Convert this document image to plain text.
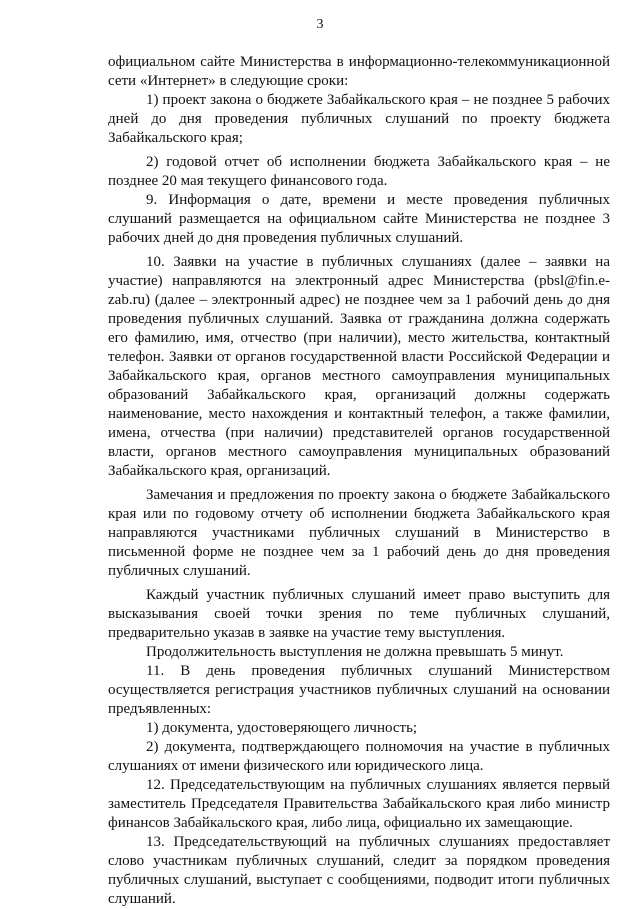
3

официальном сайте Министерства в информационно-телекоммуникационной сети «Интернет» в следующие сроки:

1) проект закона о бюджете Забайкальского края – не позднее 5 рабочих дней до дня проведения публичных слушаний по проекту бюджета Забайкальского края;

2) годовой отчет об исполнении бюджета Забайкальского края – не позднее 20 мая текущего финансового года.

9. Информация о дате, времени и месте проведения публичных слушаний размещается на официальном сайте Министерства не позднее 3 рабочих дней до дня проведения публичных слушаний.

10. Заявки на участие в публичных слушаниях (далее – заявки на участие) направляются на электронный адрес Министерства (pbsl@fin.e-zab.ru) (далее – электронный адрес) не позднее чем за 1 рабочий день до дня проведения публичных слушаний. Заявка от гражданина должна содержать его фамилию, имя, отчество (при наличии), место жительства, контактный телефон. Заявки от органов государственной власти Российской Федерации и Забайкальского края, органов местного самоуправления муниципальных образований Забайкальского края, организаций должны содержать наименование, место нахождения и контактный телефон, а также фамилии, имена, отчества (при наличии) представителей органов государственной власти, органов местного самоуправления муниципальных образований Забайкальского края, организаций.

Замечания и предложения по проекту закона о бюджете Забайкальского края или по годовому отчету об исполнении бюджета Забайкальского края направляются участниками публичных слушаний в Министерство в письменной форме не позднее чем за 1 рабочий день до дня проведения публичных слушаний.

Каждый участник публичных слушаний имеет право выступить для высказывания своей точки зрения по теме публичных слушаний, предварительно указав в заявке на участие тему выступления.

Продолжительность выступления не должна превышать 5 минут.

11. В день проведения публичных слушаний Министерством осуществляется регистрация участников публичных слушаний на основании предъявленных:

1) документа, удостоверяющего личность;

2) документа, подтверждающего полномочия на участие в публичных слушаниях от имени физического или юридического лица.

12. Председательствующим на публичных слушаниях является первый заместитель Председателя Правительства Забайкальского края либо министр финансов Забайкальского края, либо лица, официально их замещающие.

13. Председательствующий на публичных слушаниях предоставляет слово участникам публичных слушаний, следит за порядком проведения публичных слушаний, выступает с сообщениями, подводит итоги публичных слушаний.
